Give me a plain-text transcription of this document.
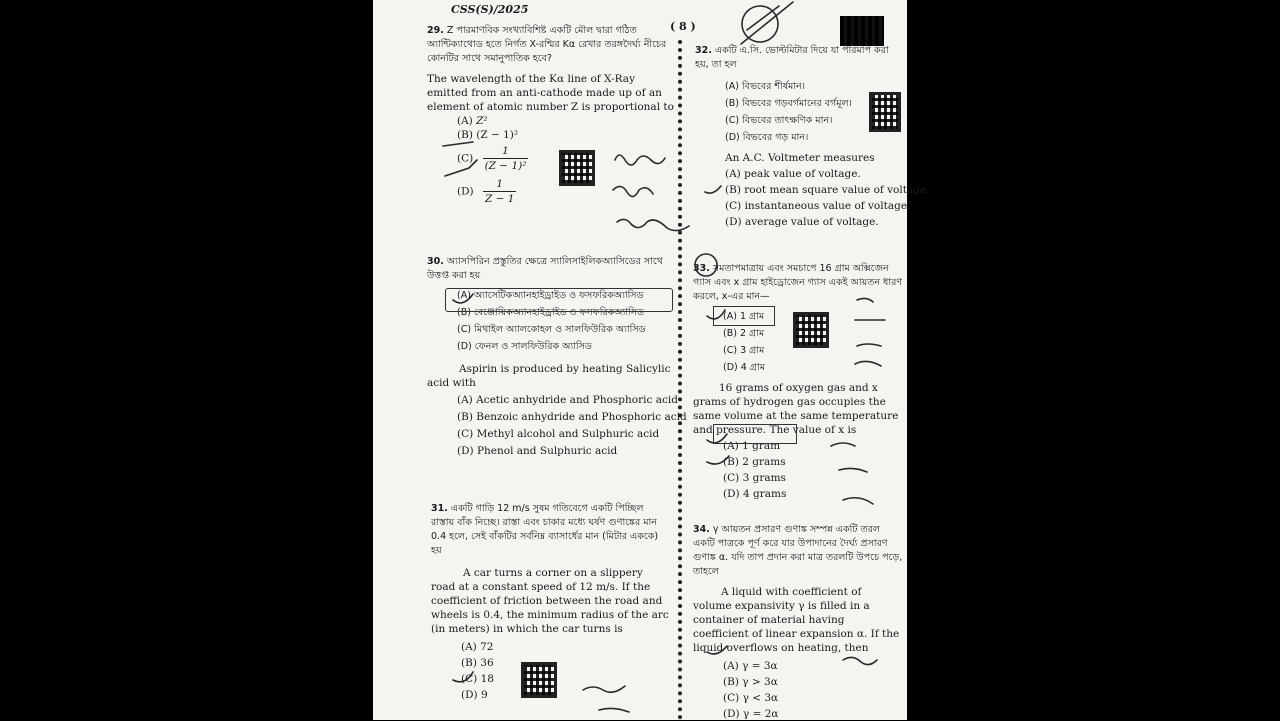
CSS(S)/2025
( 8 )
29. Z পারমাণবিক সংখ্যাবিশিষ্ট একটি মৌল দ্বারা গঠিত অ্যান্টিক্যাথোড হতে নির্গত X-রশ্মির Kα রেখার তরঙ্গদৈর্ঘ্য নীচের কোনটির সাথে সমানুপাতিক হবে?
The wavelength of the Kα line of X-Ray emitted from an anti-cathode made up of an element of atomic number Z is proportional to
(A) Z²
(B) (Z − 1)²
$(C) \frac{1}{\text{(Z − 1)²}}$
$(D) \frac{1}{Z - 1}$
30. অ্যাসপিরিন প্রস্তুতির ক্ষেত্রে স্যালিসাইলিকঅ্যাসিডের সাথে উত্তপ্ত করা হয়
(A) অ্যাসেটিকঅ্যানহাইড্রাইড ও ফসফরিকঅ্যাসিড
(B) বেঞ্জোয়িকঅ্যানহাইড্রাইড ও ফসফরিকঅ্যাসিড
(C) মিথাইল অ্যালকোহল ও সালফিউরিক অ্যাসিড
(D) ফেনল ও সালফিউরিক অ্যাসিড
Aspirin is produced by heating Salicylic acid with
(A) Acetic anhydride and Phosphoric acid
(B) Benzoic anhydride and Phosphoric acid
(C) Methyl alcohol and Sulphuric acid
(D) Phenol and Sulphuric acid
31. একটি গাড়ি 12 m/s সুষম গতিবেগে একটি পিচ্ছিল রাস্তায় বাঁক নিচ্ছে। রাস্তা এবং চাকার মধ্যে ঘর্ষণ গুণাঙ্কের মান 0.4 হলে, সেই বাঁকটির সর্বনিম্ন ব্যাসার্ধের মান (মিটার এককে) হয়
A car turns a corner on a slippery road at a constant speed of 12 m/s. If the coefficient of friction between the road and wheels is 0.4, the minimum radius of the arc (in meters) in which the car turns is
(A) 72
(B) 36
(C) 18
(D) 9
32. একটি এ.সি. ভোল্টমিটার দিয়ে যা পরিমাপ করা হয়, তা হল
(A) বিভবের শীর্ষমান।
(B) বিভবের গড়বর্গমানের বর্গমূল।
(C) বিভবের তাৎক্ষণিক মান।
(D) বিভবের গড় মান।
An A.C. Voltmeter measures
(A) peak value of voltage.
(B) root mean square value of voltage.
(C) instantaneous value of voltage.
(D) average value of voltage.
33. সমতাপমাত্রায় এবং সমচাপে 16 গ্রাম অক্সিজেন গ্যাস এবং x গ্রাম হাইড্রোজেন গ্যাস একই আয়তন ধারণ করলে, x-এর মান—
(A) 1 গ্রাম
(B) 2 গ্রাম
(C) 3 গ্রাম
(D) 4 গ্রাম
16 grams of oxygen gas and x grams of hydrogen gas occupies the same volume at the same temperature and pressure. The value of x is
(A) 1 gram
(B) 2 grams
(C) 3 grams
(D) 4 grams
34. γ আয়তন প্রসারণ গুণাঙ্ক সম্পন্ন একটি তরল একটি পাত্রকে পূর্ণ করে যার উপাদানের দৈর্ঘ্য প্রসারণ গুণাঙ্ক α. যদি তাপ প্রদান করা মাত্র তরলটি উপচে পড়ে, তাহলে
A liquid with coefficient of volume expansivity γ is filled in a container of material having coefficient of linear expansion α. If the liquid overflows on heating, then
(A) γ = 3α
(B) γ > 3α
(C) γ < 3α
(D) γ = 2α
